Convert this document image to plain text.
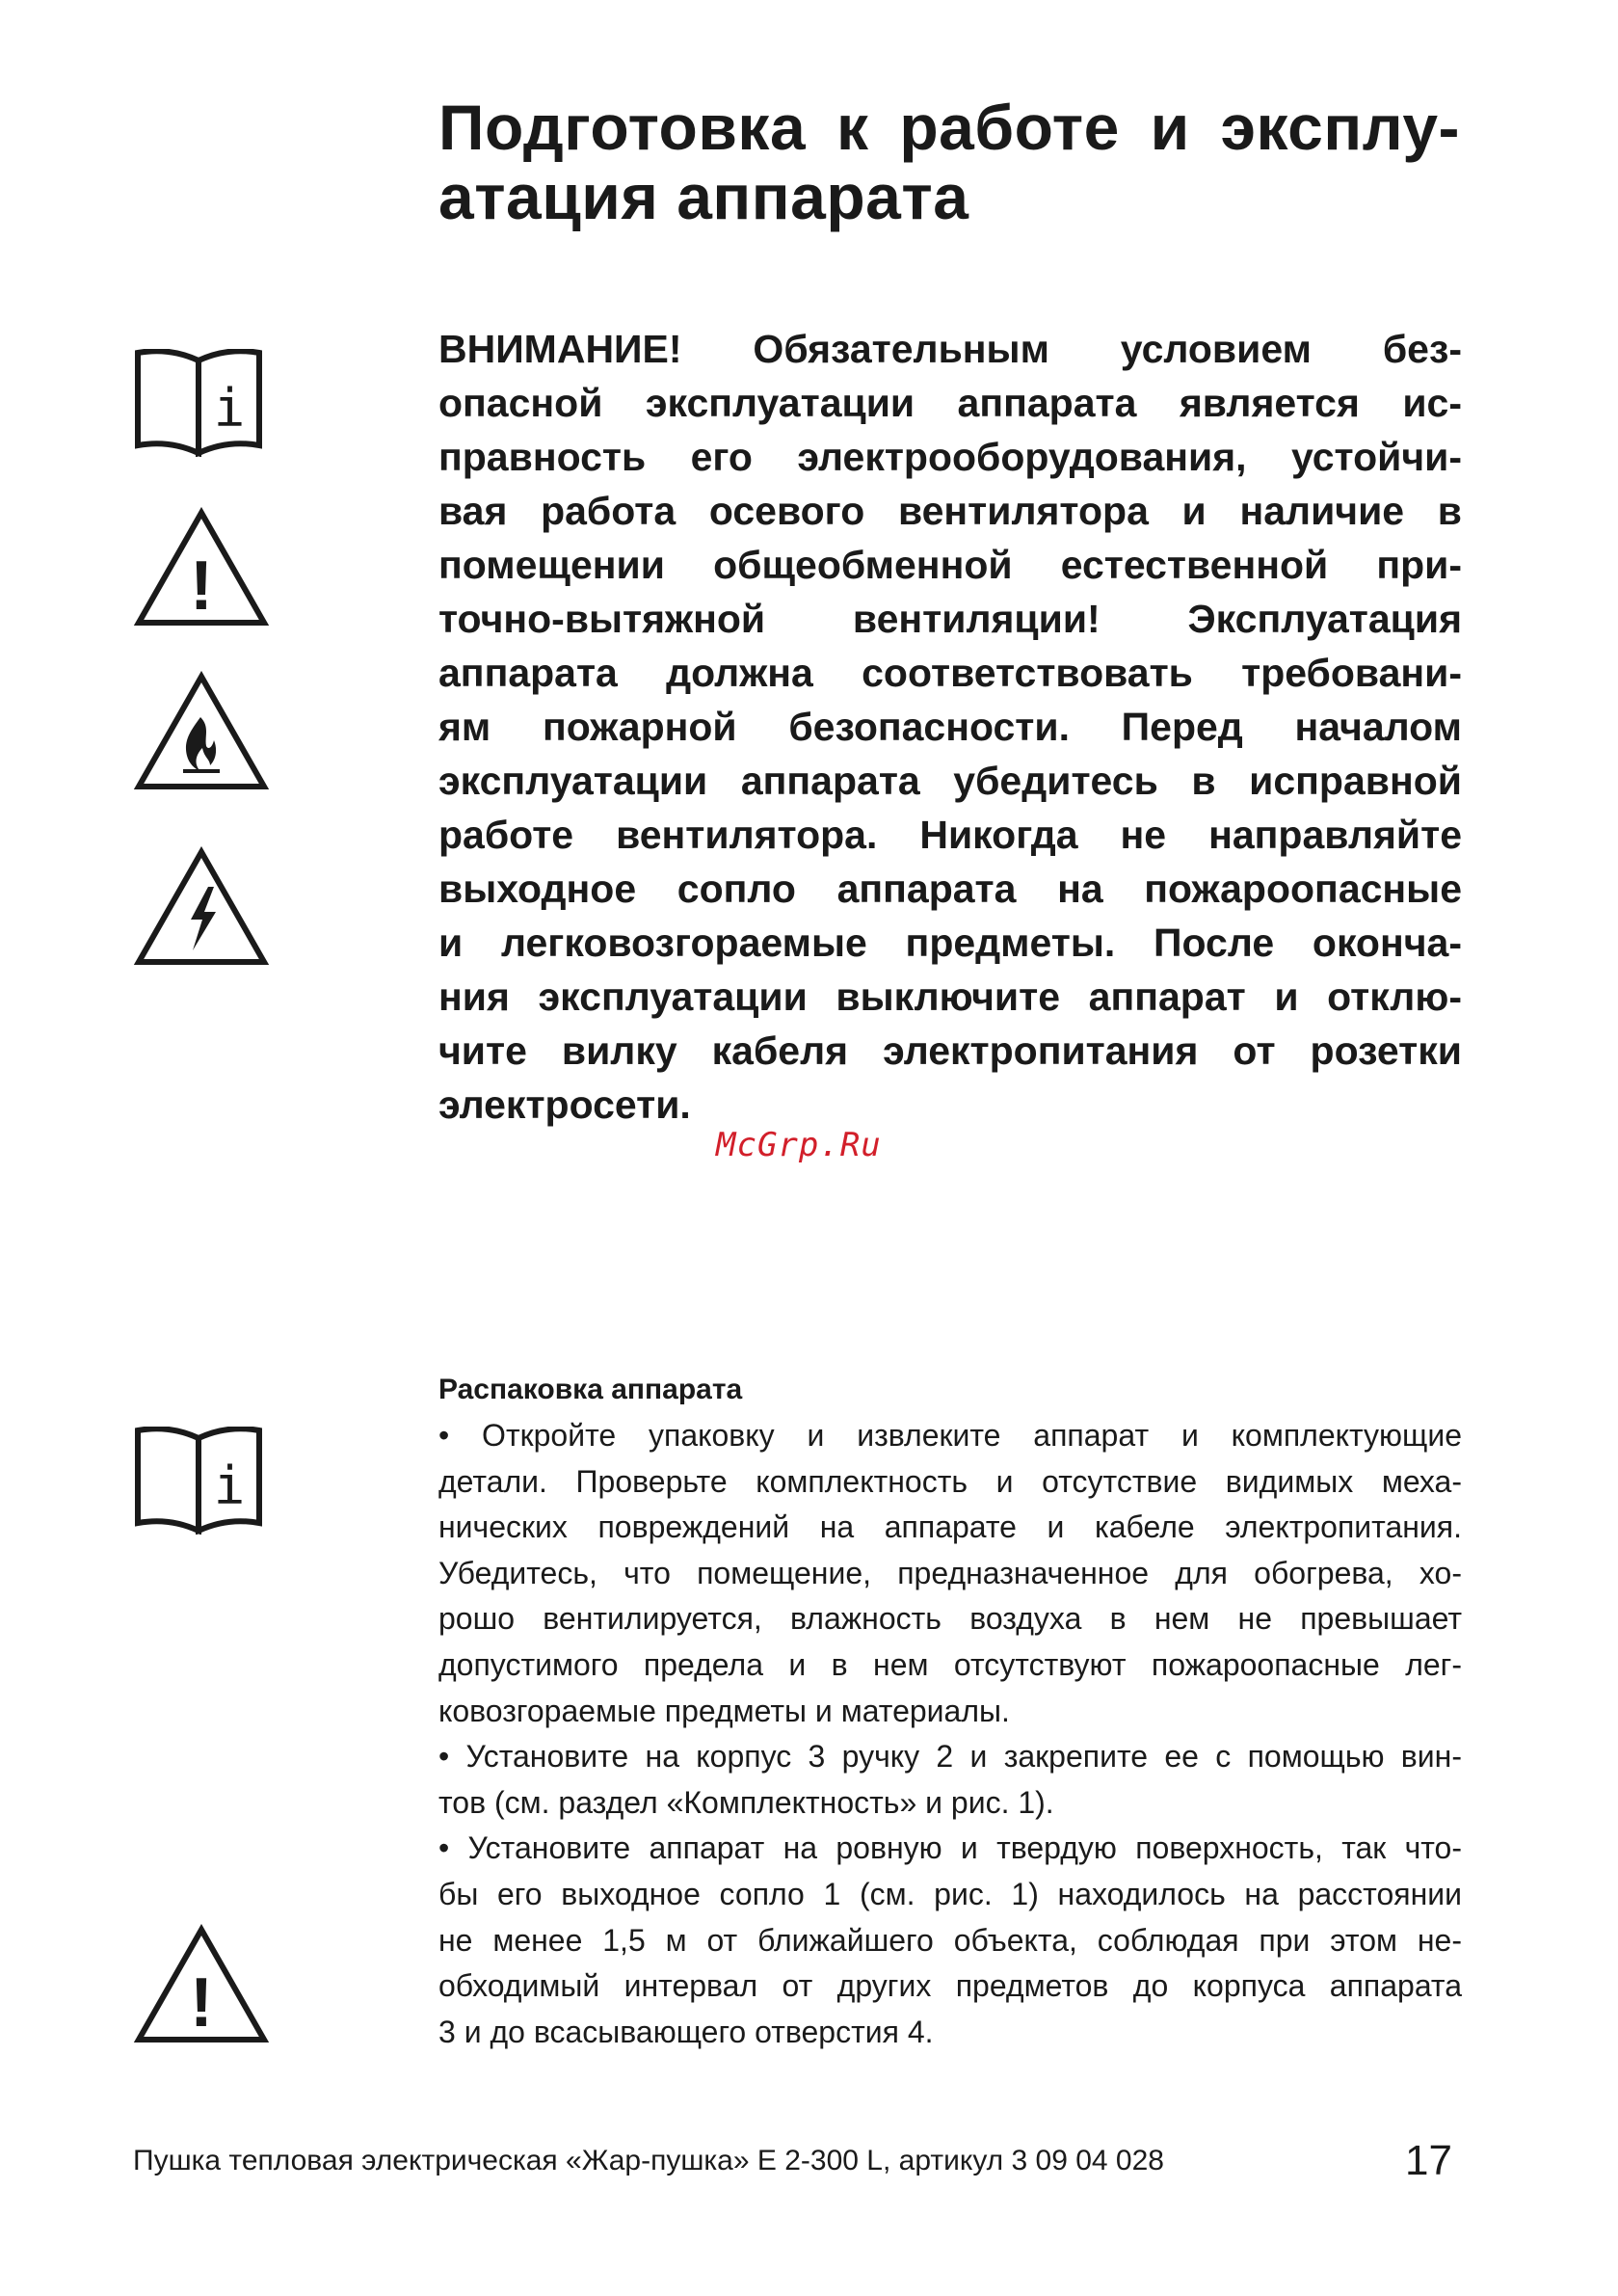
Подготовка к работе и эксплу-
атация аппарата
i
!

ВНИМАНИЕ! Обязательным условием без-
опасной эксплуатации аппарата является ис-
правность его электрооборудования, устойчи-
вая работа осевого вентилятора и наличие в
помещении общеобменной естественной при-
точно-вытяжной вентиляции! Эксплуатация
аппарата должна соответствовать требовани-
ям пожарной безопасности. Перед началом
эксплуатации аппарата убедитесь в исправной
работе вентилятора. Никогда не направляйте
выходное сопло аппарата на пожароопасные
и легковозгораемые предметы. После оконча-
ния эксплуатации выключите аппарат и отклю-
чите вилку кабеля электропитания от розетки
электросети.

McGrp.Ru
i
!
Распаковка аппарата
• Откройте упаковку и извлеките аппарат и комплектующие
детали. Проверьте комплектность и отсутствие видимых меха-
нических повреждений на аппарате и кабеле электропитания.
Убедитесь, что помещение, предназначенное для обогрева, хо-
рошо вентилируется, влажность воздуха в нем не превышает
допустимого предела и в нем отсутствуют пожароопасные лег-
ковозгораемые предметы и материалы.
• Установите на корпус 3 ручку 2 и закрепите ее с помощью вин-
тов (см. раздел «Комплектность» и рис. 1).
• Установите аппарат на ровную и твердую поверхность, так что-
бы его выходное сопло 1 (см. рис. 1) находилось на расстоянии
не менее 1,5 м от ближайшего объекта, соблюдая при этом не-
обходимый интервал от других предметов до корпуса аппарата
3 и до всасывающего отверстия 4.
Пушка тепловая электрическая «Жар-пушка» Е 2-300 L, артикул 3 09 04 028	17
